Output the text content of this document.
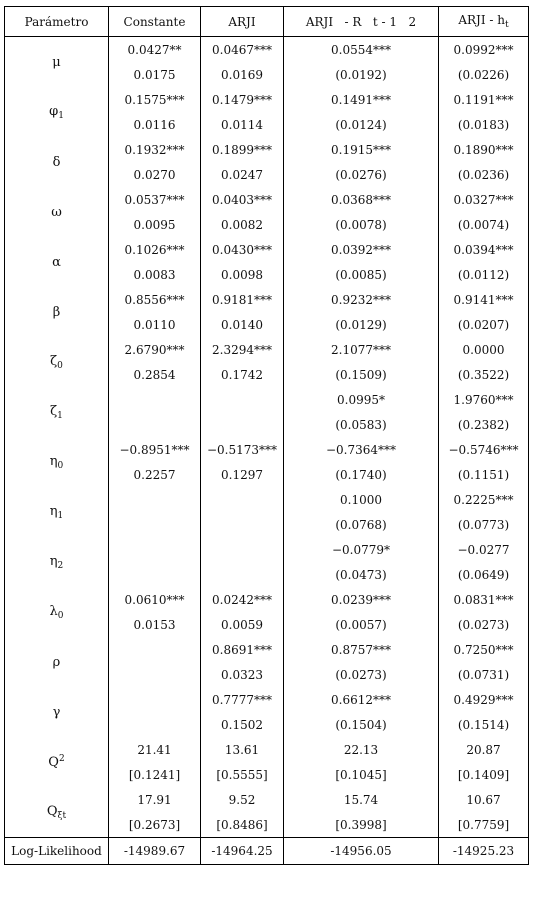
Parámetro	Constante	ARJI	ARJI   - R   t - 1   2	ARJI - $h_t$
μ	0.0427**	0.0467***	0.0554***	0.0992***
	0.0175	0.0169	(0.0192)	(0.0226)
$\varphi_1$	0.1575***	0.1479***	0.1491***	0.1191***
	0.0116	0.0114	(0.0124)	(0.0183)
δ	0.1932***	0.1899***	0.1915***	0.1890***
	0.0270	0.0247	(0.0276)	(0.0236)
ω	0.0537***	0.0403***	0.0368***	0.0327***
	0.0095	0.0082	(0.0078)	(0.0074)
α	0.1026***	0.0430***	0.0392***	0.0394***
	0.0083	0.0098	(0.0085)	(0.0112)
β	0.8556***	0.9181***	0.9232***	0.9141***
	0.0110	0.0140	(0.0129)	(0.0207)
$\zeta_0$	2.6790***	2.3294***	2.1077***	0.0000
	0.2854	0.1742	(0.1509)	(0.3522)
$\zeta_1$			0.0995*	1.9760***
			(0.0583)	(0.2382)
$\eta_0$	−0.8951***	−0.5173***	−0.7364***	−0.5746***
	0.2257	0.1297	(0.1740)	(0.1151)
$\eta_1$			0.1000	0.2225***
			(0.0768)	(0.0773)
$\eta_2$			−0.0779*	−0.0277
			(0.0473)	(0.0649)
$\lambda_0$	0.0610***	0.0242***	0.0239***	0.0831***
	0.0153	0.0059	(0.0057)	(0.0273)
ρ		0.8691***	0.8757***	0.7250***
		0.0323	(0.0273)	(0.0731)
γ		0.7777***	0.6612***	0.4929***
		0.1502	(0.1504)	(0.1514)
$Q^2$	21.41	13.61	22.13	20.87
	[0.1241]	[0.5555]	[0.1045]	[0.1409]
$Q_{\xi t}$	17.91	9.52	15.74	10.67
	[0.2673]	[0.8486]	[0.3998]	[0.7759]
Log-Likelihood	-14989.67	-14964.25	-14956.05	-14925.23
